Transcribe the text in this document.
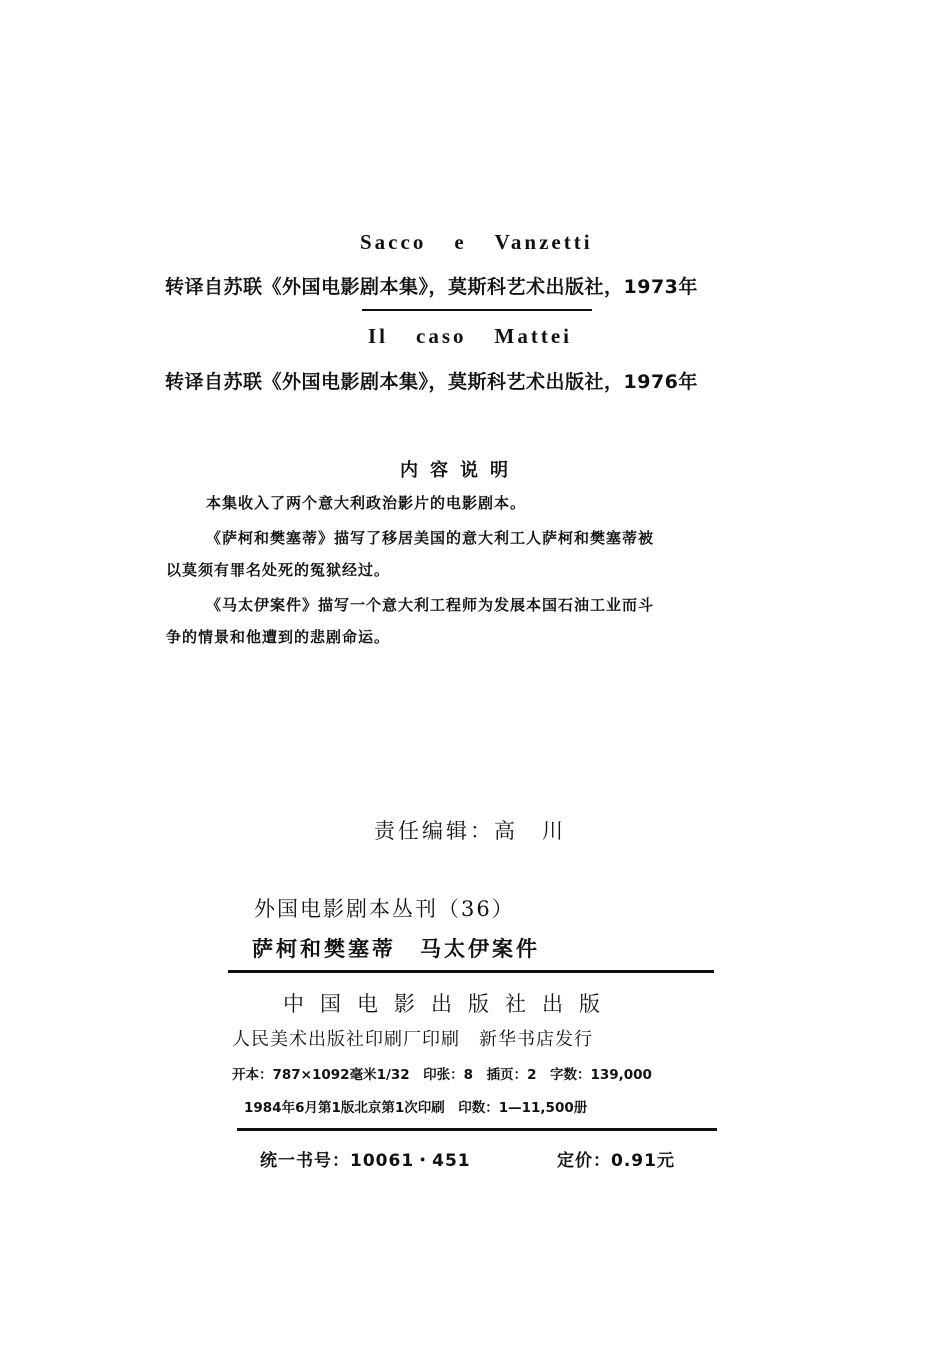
Sacco e Vanzetti
转译自苏联《外国电影剧本集》，莫斯科艺术出版社，1973年
Il caso Mattei
转译自苏联《外国电影剧本集》，莫斯科艺术出版社，1976年
内容说明
本集收入了两个意大利政治影片的电影剧本。
《萨柯和樊塞蒂》描写了移居美国的意大利工人萨柯和樊塞蒂被
以莫须有罪名处死的冤狱经过。
《马太伊案件》描写一个意大利工程师为发展本国石油工业而斗
争的情景和他遭到的悲剧命运。
责任编辑：高　川
外国电影剧本丛刊（36）
萨柯和樊塞蒂　马太伊案件
中国电影出版社出版
人民美术出版社印刷厂印刷　新华书店发行
开本：787×1092毫米1/32　印张：8　插页：2　字数：139,000
1984年6月第1版北京第1次印刷　印数：1—11,500册
统一书号：10061・451	定价：0.91元
